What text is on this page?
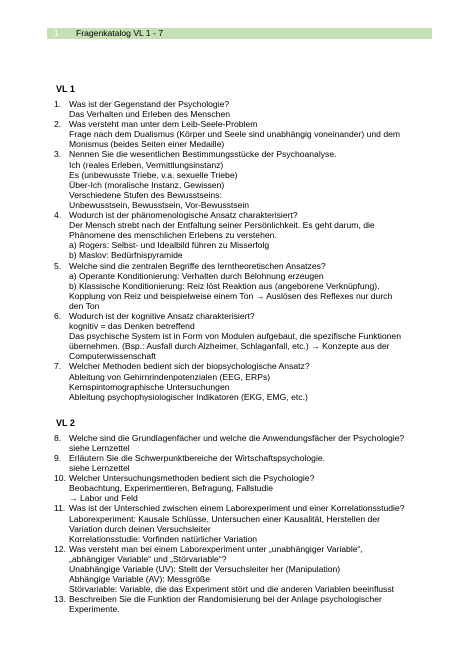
1	Fragenkatalog VL 1 - 7
VL 1
1. Was ist der Gegenstand der Psychologie?
Das Verhalten und Erleben des Menschen
2. Was versteht man unter dem Leib-Seele-Problem
Frage nach dem Dualismus (Körper und Seele sind unabhängig voneinander) und dem
Monismus (beides Seiten einer Medaille)
3. Nennen Sie die wesentlichen Bestimmungsstücke der Psychoanalyse.
Ich (reales Erleben, Vermittlungsinstanz)
Es (unbewusste Triebe, v.a. sexuelle Triebe)
Über-Ich (moralische Instanz, Gewissen)
Verschiedene Stufen des Bewusstseins:
Unbewusstsein, Bewusstsein, Vor-Bewusstsein
4. Wodurch ist der phänomenologische Ansatz charakterisiert?
Der Mensch strebt nach der Entfaltung seiner Persönlichkeit. Es geht darum, die
Phänomene des menschlichen Erlebens zu verstehen.
a) Rogers: Selbst- und Idealbild führen zu Misserfolg
b) Maslov: Bedürfnispyramide
5. Welche sind die zentralen Begriffe des lerntheoretischen Ansatzes?
a) Operante Konditionierung: Verhalten durch Belohnung erzeugen
b) Klassische Konditionierung: Reiz löst Reaktion aus (angeborene Verknüpfung),
Kopplung von Reiz und beispielweise einem Ton → Auslösen des Reflexes nur durch
den Ton
6. Wodurch ist der kognitive Ansatz charakterisiert?
kognitiv = das Denken betreffend
Das psychische System ist in Form von Modulen aufgebaut, die spezifische Funktionen
übernehmen. (Bsp.: Ausfall durch Alzheimer, Schlaganfall, etc.) → Konzepte aus der
Computerwissenschaft
7. Welcher Methoden bedient sich der biopsychologische Ansatz?
Ableitung von Gehirnrindenpotenzialen (EEG, ERPs)
Kernspintomographische Untersuchungen
Ableitung psychophysiologischer Indikatoren (EKG, EMG, etc.)
VL 2
8. Welche sind die Grundlagenfächer und welche die Anwendungsfächer der Psychologie?
siehe Lernzettel
9. Erläutern Sie die Schwerpunktbereiche der Wirtschaftspsychologie.
siehe Lernzettel
10. Welcher Untersuchungsmethoden bedient sich die Psychologie?
Beobachtung, Experimentieren, Befragung, Fallstudie
→ Labor und Feld
11. Was ist der Unterschied zwischen einem Laborexperiment und einer Korrelationsstudie?
Laborexperiment: Kausale Schlüsse, Untersuchen einer Kausalität, Herstellen der
Variation durch deinen Versuchsleiter
Korrelationsstudie: Vorfinden natürlicher Variation
12. Was versteht man bei einem Laborexperiment unter „unabhängiger Variable“,
„abhängiger Variable“ und „Störvariable“?
Unabhängige Variable (UV): Stellt der Versuchsleiter her (Manipulation)
Abhängige Variable (AV): Messgröße
Störvariable: Variable, die das Experiment stört und die anderen Variablen beeinflusst
13. Beschreiben Sie die Funktion der Randomisierung bei der Anlage psychologischer
Experimente.
